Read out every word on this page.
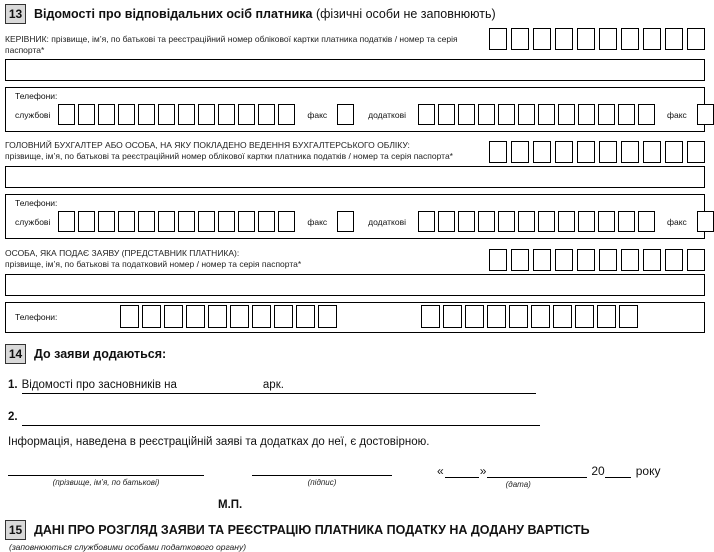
13 Відомості про відповідальних осіб платника (фізичні особи не заповнюють)
КЕРІВНИК: прізвище, ім’я, по батькові та реєстраційний номер облікової картки платника податків / номер та серія паспорта*
Телефони:
службові	факс	додаткові	факс
ГОЛОВНИЙ БУХГАЛТЕР АБО ОСОБА, НА ЯКУ ПОКЛАДЕНО ВЕДЕННЯ БУХГАЛТЕРСЬКОГО ОБЛІКУ:
прізвище, ім’я, по батькові та реєстраційний номер облікової картки платника податків / номер та серія паспорта*
Телефони:
службові	факс	додаткові	факс
ОСОБА, ЯКА ПОДАЄ ЗАЯВУ (ПРЕДСТАВНИК ПЛАТНИКА):
прізвище, ім’я, по батькові та податковий номер / номер та серія паспорта*
Телефони:
14 До заяви додаються:
1. Відомості про засновників на	арк.
2.
Інформація, наведена в реєстраційній заяві та додатках до неї, є достовірною.
(прізвище, ім’я, по батькові)	(підпис)
«	»	20	року
(дата)
М.П.
15 ДАНІ ПРО РОЗГЛЯД ЗАЯВИ ТА РЕЄСТРАЦІЮ ПЛАТНИКА ПОДАТКУ НА ДОДАНУ ВАРТІСТЬ
(заповнюються службовими особами податкового органу)
